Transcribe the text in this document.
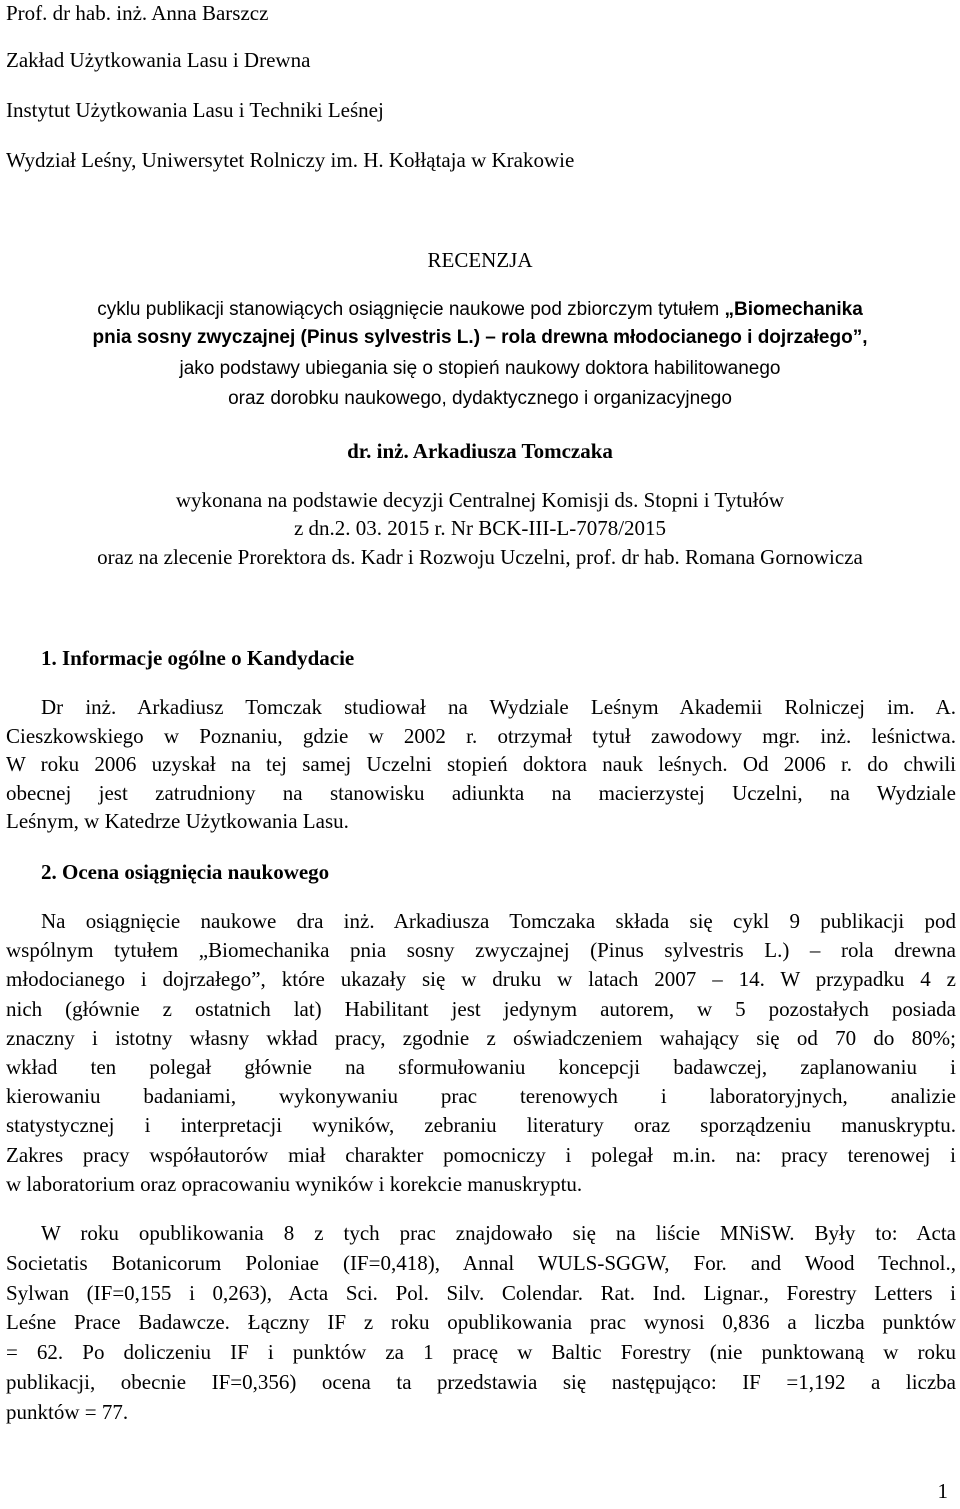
Prof. dr hab. inż. Anna Barszcz

Zakład Użytkowania Lasu i Drewna

Instytut Użytkowania Lasu i Techniki Leśnej

Wydział Leśny, Uniwersytet Rolniczy im. H. Kołłątaja w Krakowie

RECENZJA

cyklu publikacji stanowiących osiągnięcie naukowe pod zbiorczym tytułem „Biomechanika

pnia sosny zwyczajnej (Pinus sylvestris L.) – rola drewna młodocianego i dojrzałego”,

jako podstawy ubiegania się o stopień naukowy doktora habilitowanego

oraz dorobku naukowego, dydaktycznego i organizacyjnego

dr. inż. Arkadiusza Tomczaka

wykonana na podstawie decyzji Centralnej Komisji ds. Stopni i Tytułów

z dn.2. 03. 2015 r. Nr BCK-III-L-7078/2015

oraz na zlecenie Prorektora ds. Kadr i Rozwoju Uczelni, prof. dr hab. Romana Gornowicza

1. Informacje ogólne o Kandydacie

Dr inż. Arkadiusz Tomczak studiował na Wydziale Leśnym Akademii Rolniczej im. A.
Cieszkowskiego w Poznaniu, gdzie w 2002 r. otrzymał tytuł zawodowy mgr. inż. leśnictwa.
W roku 2006 uzyskał na tej samej Uczelni stopień doktora nauk leśnych. Od 2006 r. do chwili
obecnej jest zatrudniony na stanowisku adiunkta na macierzystej Uczelni, na Wydziale
Leśnym, w Katedrze Użytkowania Lasu.

2. Ocena osiągnięcia naukowego

Na osiągnięcie naukowe dra inż. Arkadiusza Tomczaka składa się cykl 9 publikacji pod
wspólnym tytułem „Biomechanika pnia sosny zwyczajnej (Pinus sylvestris L.) – rola drewna
młodocianego i dojrzałego”, które ukazały się w druku w latach 2007 – 14. W przypadku 4 z
nich (głównie z ostatnich lat) Habilitant jest jedynym autorem, w 5 pozostałych posiada
znaczny i istotny własny wkład pracy, zgodnie z oświadczeniem wahający się od 70 do 80%;
wkład ten polegał głównie na sformułowaniu koncepcji badawczej, zaplanowaniu i
kierowaniu badaniami, wykonywaniu prac terenowych i laboratoryjnych, analizie
statystycznej i interpretacji wyników, zebraniu literatury oraz sporządzeniu manuskryptu.
Zakres pracy współautorów miał charakter pomocniczy i polegał m.in. na: pracy terenowej i
w laboratorium oraz opracowaniu wyników i korekcie manuskryptu.
W roku opublikowania 8 z tych prac znajdowało się na liście MNiSW. Były to: Acta
Societatis Botanicorum Poloniae (IF=0,418), Annal WULS-SGGW, For. and Wood Technol.,
Sylwan (IF=0,155 i 0,263), Acta Sci. Pol. Silv. Colendar. Rat. Ind. Lignar., Forestry Letters i
Leśne Prace Badawcze. Łączny IF z roku opublikowania prac wynosi 0,836 a liczba punktów
= 62. Po doliczeniu IF i punktów za 1 pracę w Baltic Forestry (nie punktowaną w roku
publikacji, obecnie IF=0,356) ocena ta przedstawia się następująco: IF =1,192 a liczba
punktów = 77.

1
